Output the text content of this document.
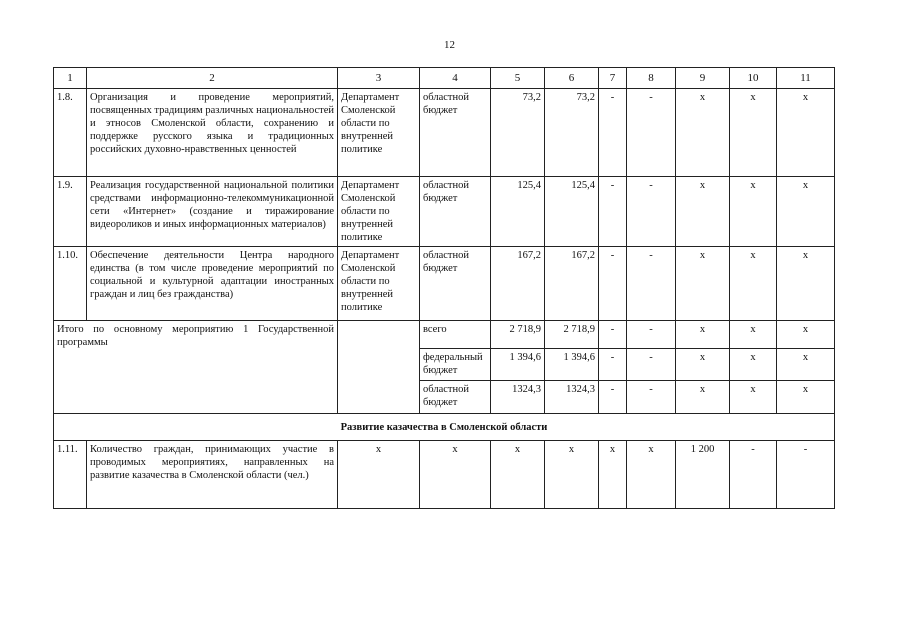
12
1	2	3	4	5	6	7	8	9	10	11
1.8.	Организация и проведение мероприятий, посвященных традициям различных национальностей и этносов Смоленской области, сохранению и поддержке русского языка и традиционных российских духовно-нравственных ценностей	Департамент Смоленской области по внутренней политике	областной бюджет	73,2	73,2	-	-	х	х	х
1.9.	Реализация государственной национальной политики средствами информационно-телекоммуникационной сети «Интернет» (создание и тиражирование видеороликов и иных информационных материалов)	Департамент Смоленской области по внутренней политике	областной бюджет	125,4	125,4	-	-	х	х	х
1.10.	Обеспечение деятельности Центра народного единства (в том числе проведение мероприятий по социальной и культурной адаптации иностранных граждан и лиц без гражданства)	Департамент Смоленской области по внутренней политике	областной бюджет	167,2	167,2	-	-	х	х	х
Итого по основному мероприятию 1 Государственной программы			всего	2 718,9	2 718,9	-	-	х	х	х
			федеральный бюджет	1 394,6	1 394,6	-	-	х	х	х
			областной бюджет	1324,3	1324,3	-	-	х	х	х
Развитие казачества в Смоленской области										
1.11.	Количество граждан, принимающих участие в проводимых мероприятиях, направленных на развитие казачества в Смоленской области (чел.)	х	х	х	х	х	х	1 200	-	-
